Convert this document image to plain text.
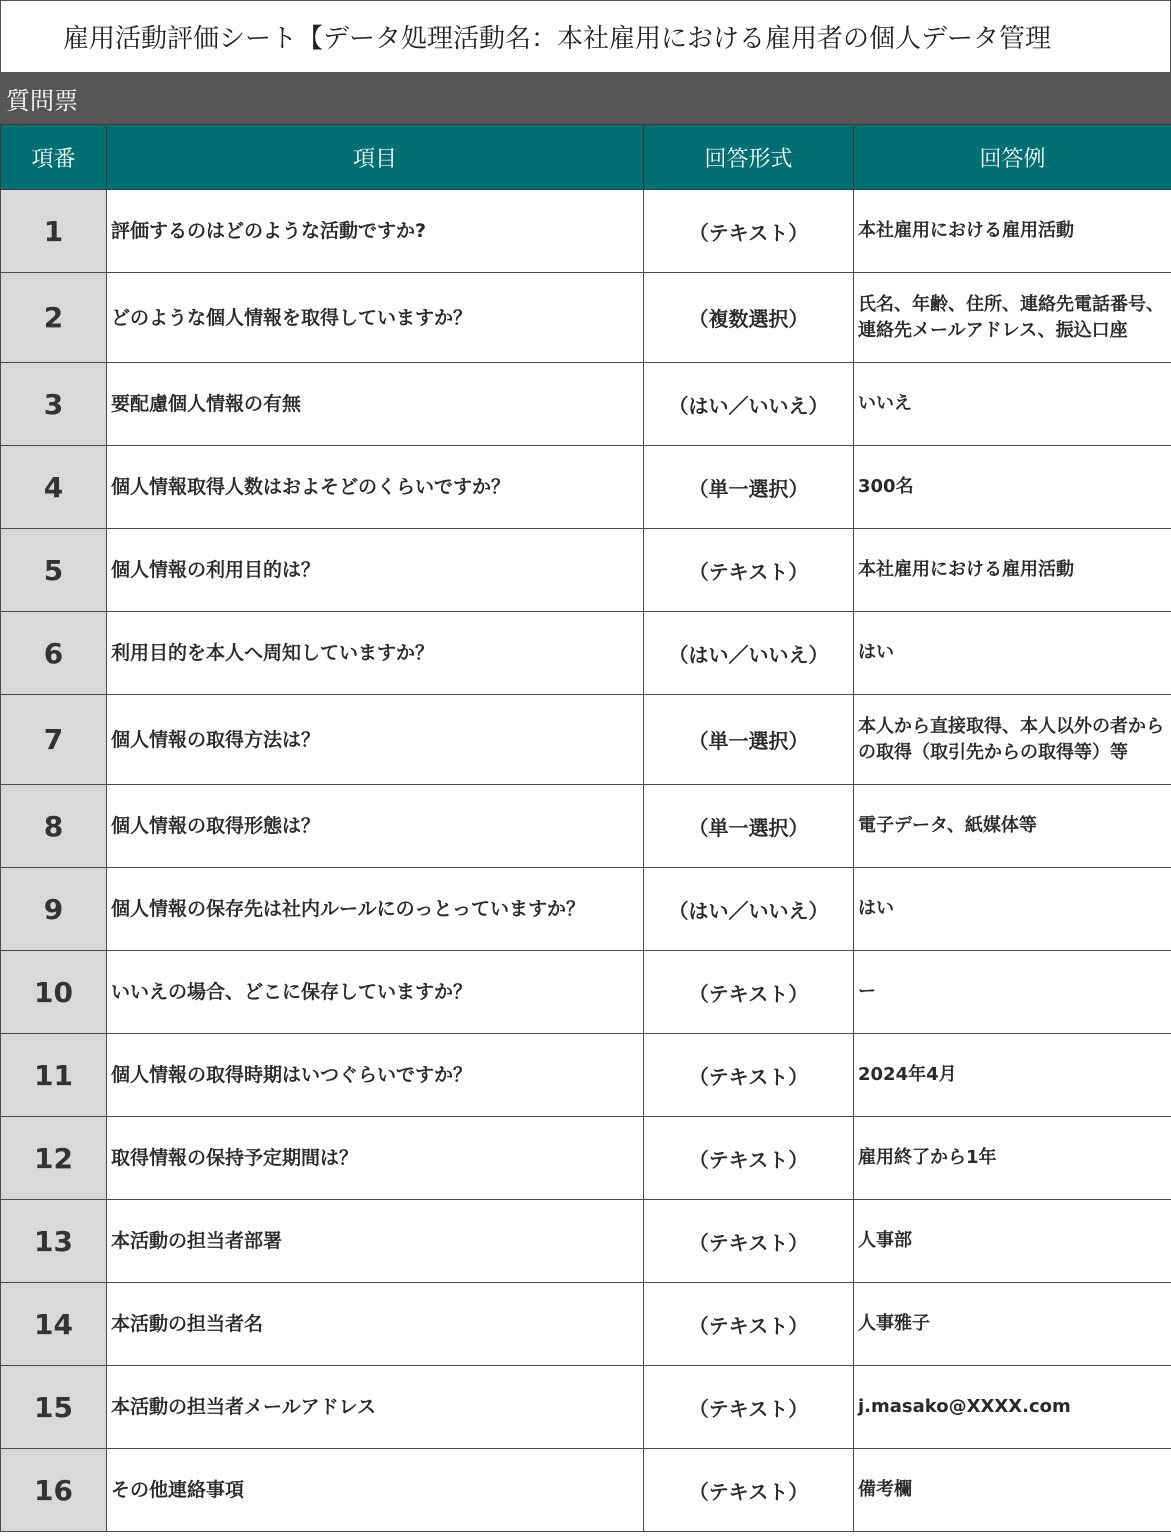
雇用活動評価シート【データ処理活動名：本社雇用における雇用者の個人データ管理
質問票
項番	項目	回答形式	回答例
1	評価するのはどのような活動ですか?	（テキスト）	本社雇用における雇用活動
2	どのような個人情報を取得していますか？	（複数選択）	氏名、年齢、住所、連絡先電話番号、連絡先メールアドレス、振込口座
3	要配慮個人情報の有無	（はい／いいえ）	いいえ
4	個人情報取得人数はおよそどのくらいですか？	（単一選択）	300名
5	個人情報の利用目的は？	（テキスト）	本社雇用における雇用活動
6	利用目的を本人へ周知していますか？	（はい／いいえ）	はい
7	個人情報の取得方法は？	（単一選択）	本人から直接取得、本人以外の者からの取得（取引先からの取得等）等
8	個人情報の取得形態は？	（単一選択）	電子データ、紙媒体等
9	個人情報の保存先は社内ルールにのっとっていますか？	（はい／いいえ）	はい
10	いいえの場合、どこに保存していますか？	（テキスト）	ー
11	個人情報の取得時期はいつぐらいですか？	（テキスト）	2024年4月
12	取得情報の保持予定期間は？	（テキスト）	雇用終了から1年
13	本活動の担当者部署	（テキスト）	人事部
14	本活動の担当者名	（テキスト）	人事雅子
15	本活動の担当者メールアドレス	（テキスト）	j.masako@XXXX.com
16	その他連絡事項	（テキスト）	備考欄
